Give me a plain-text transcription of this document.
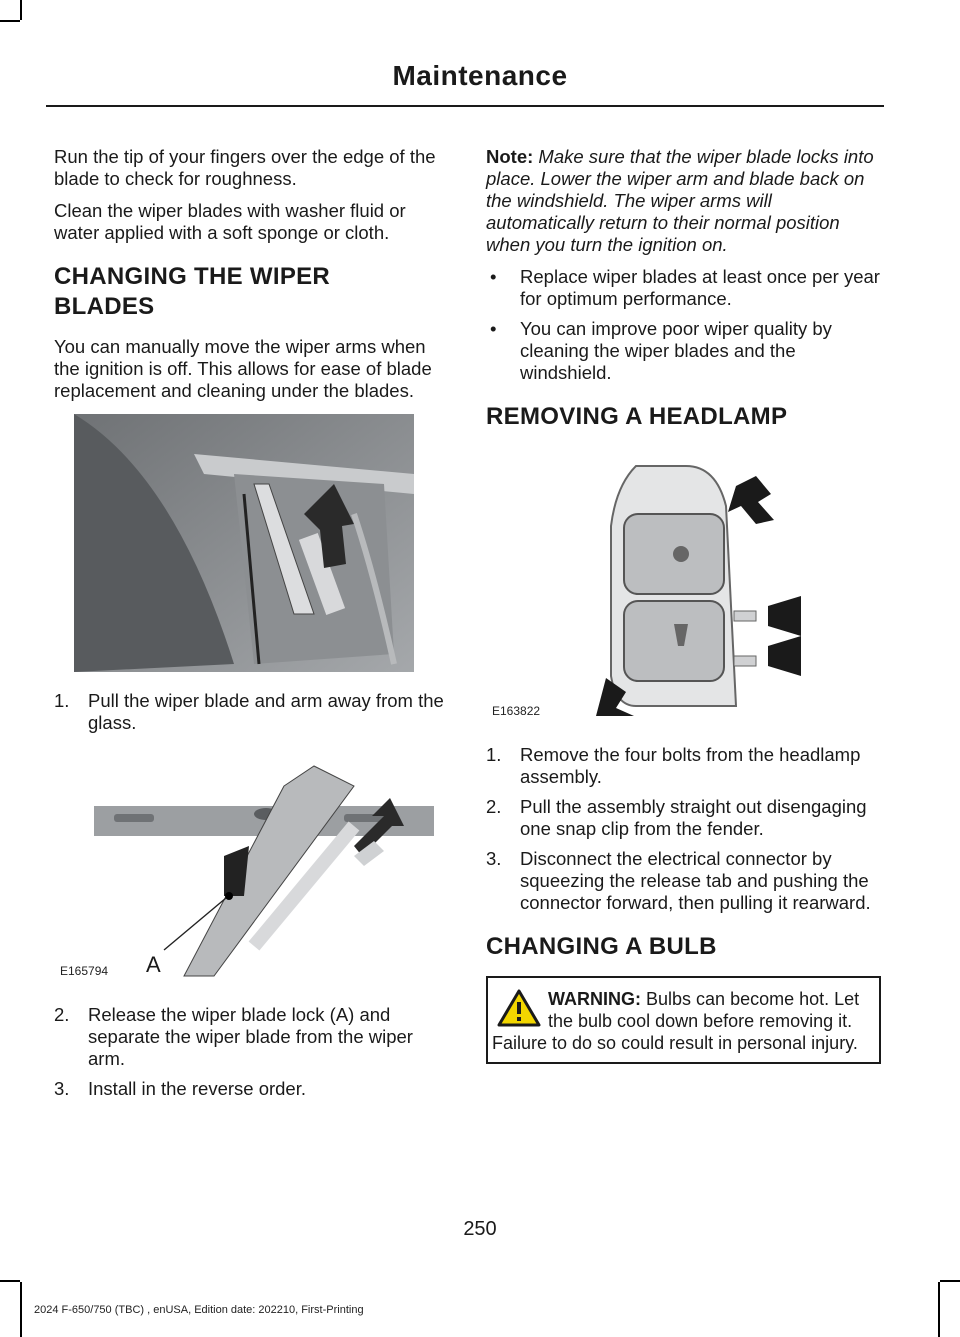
Maintenance

Run the tip of your fingers over the edge of the blade to check for roughness.

Clean the wiper blades with washer fluid or water applied with a soft sponge or cloth.

CHANGING THE WIPER
BLADES

You can manually move the wiper arms when the ignition is off. This allows for ease of blade replacement and cleaning under the blades.

1. Pull the wiper blade and arm away from the glass.
A
E165794
2. Release the wiper blade lock (A) and separate the wiper blade from the wiper arm.
3. Install in the reverse order.

Note: Make sure that the wiper blade locks into place. Lower the wiper arm and blade back on the windshield. The wiper arms will automatically return to their normal position when you turn the ignition on.

• Replace wiper blades at least once per year for optimum performance.
• You can improve poor wiper quality by cleaning the wiper blades and the windshield.
REMOVING A HEADLAMP
E163822
1. Remove the four bolts from the headlamp assembly.
2. Pull the assembly straight out disengaging one snap clip from the fender.
3. Disconnect the electrical connector by squeezing the release tab and pushing the connector forward, then pulling it rearward.
CHANGING A BULB
WARNING: Bulbs can become hot. Let the bulb cool down before removing it. Failure to do so could result in personal injury.
250
2024 F-650/750 (TBC) , enUSA, Edition date: 202210, First-Printing
